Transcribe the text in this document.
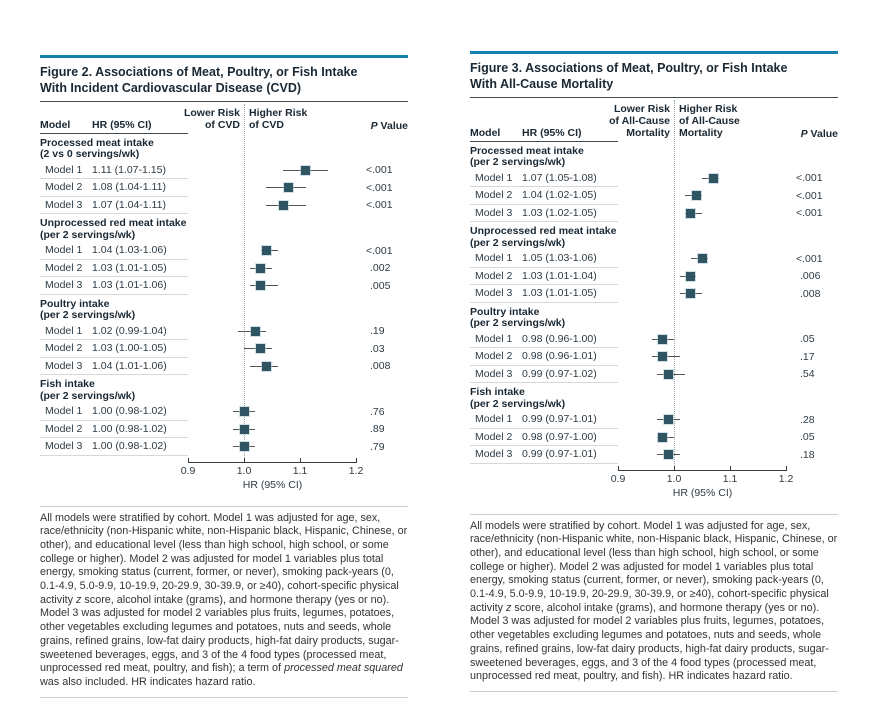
Figure 2. Associations of Meat, Poultry, or Fish Intake
With Incident Cardiovascular Disease (CVD)
Model	HR (95% CI)
Lower Risk
of CVD
Higher Risk
of CVD	P Value
Processed meat intake
(2 vs 0 servings/wk)
Model 1 1.11 (1.07-1.15)	<.001
Model 2 1.08 (1.04-1.11)	<.001
Model 3 1.07 (1.04-1.11)	<.001
Unprocessed red meat intake
(per 2 servings/wk)
Model 1 1.04 (1.03-1.06)	<.001
Model 2 1.03 (1.01-1.05)	.002
Model 3 1.03 (1.01-1.06)	.005
Poultry intake
(per 2 servings/wk)
Model 1 1.02 (0.99-1.04)	.19
Model 2 1.03 (1.00-1.05)	.03
Model 3 1.04 (1.01-1.06)	.008
Fish intake
(per 2 servings/wk)
Model 1 1.00 (0.98-1.02)	.76
Model 2 1.00 (0.98-1.02)	.89
Model 3 1.00 (0.98-1.02)	.79
HR (95% CI)
0.9	1.0	1.1	1.2

All models were stratified by cohort. Model 1 was adjusted for age, sex, race/ethnicity (non-Hispanic white, non-Hispanic black, Hispanic, Chinese, or other), and educational level (less than high school, high school, or some college or higher). Model 2 was adjusted for model 1 variables plus total energy, smoking status (current, former, or never), smoking pack-years (0, 0.1-4.9, 5.0-9.9, 10-19.9, 20-29.9, 30-39.9, or ≥40), cohort-specific physical activity z score, alcohol intake (grams), and hormone therapy (yes or no). Model 3 was adjusted for model 2 variables plus fruits, legumes, potatoes, other vegetables excluding legumes and potatoes, nuts and seeds, whole grains, refined grains, low-fat dairy products, high-fat dairy products, sugar-sweetened beverages, eggs, and 3 of the 4 food types (processed meat, unprocessed red meat, poultry, and fish); a term of processed meat squared was also included. HR indicates hazard ratio.

Figure 3. Associations of Meat, Poultry, or Fish Intake
With All-Cause Mortality
Model	HR (95% CI)
Lower Risk
of All-Cause
Mortality
Higher Risk
of All-Cause
Mortality	P Value
Processed meat intake
(per 2 servings/wk)
Model 1 1.07 (1.05-1.08)	<.001
Model 2 1.04 (1.02-1.05)	<.001
Model 3 1.03 (1.02-1.05)	<.001
Unprocessed red meat intake
(per 2 servings/wk)
Model 1 1.05 (1.03-1.06)	<.001
Model 2 1.03 (1.01-1.04)	.006
Model 3 1.03 (1.01-1.05)	.008
Poultry intake
(per 2 servings/wk)
Model 1 0.98 (0.96-1.00)	.05
Model 2 0.98 (0.96-1.01)	.17
Model 3 0.99 (0.97-1.02)	.54
Fish intake
(per 2 servings/wk)
Model 1 0.99 (0.97-1.01)	.28
Model 2 0.98 (0.97-1.00)	.05
Model 3 0.99 (0.97-1.01)	.18
HR (95% CI)
0.9	1.0	1.1	1.2

All models were stratified by cohort. Model 1 was adjusted for age, sex, race/ethnicity (non-Hispanic white, non-Hispanic black, Hispanic, Chinese, or other), and educational level (less than high school, high school, or some college or higher). Model 2 was adjusted for model 1 variables plus total energy, smoking status (current, former, or never), smoking pack-years (0, 0.1-4.9, 5.0-9.9, 10-19.9, 20-29.9, 30-39.9, or ≥40), cohort-specific physical activity z score, alcohol intake (grams), and hormone therapy (yes or no). Model 3 was adjusted for model 2 variables plus fruits, legumes, potatoes, other vegetables excluding legumes and potatoes, nuts and seeds, whole grains, refined grains, low-fat dairy products, high-fat dairy products, sugar-sweetened beverages, eggs, and 3 of the 4 food types (processed meat, unprocessed red meat, poultry, and fish). HR indicates hazard ratio.
